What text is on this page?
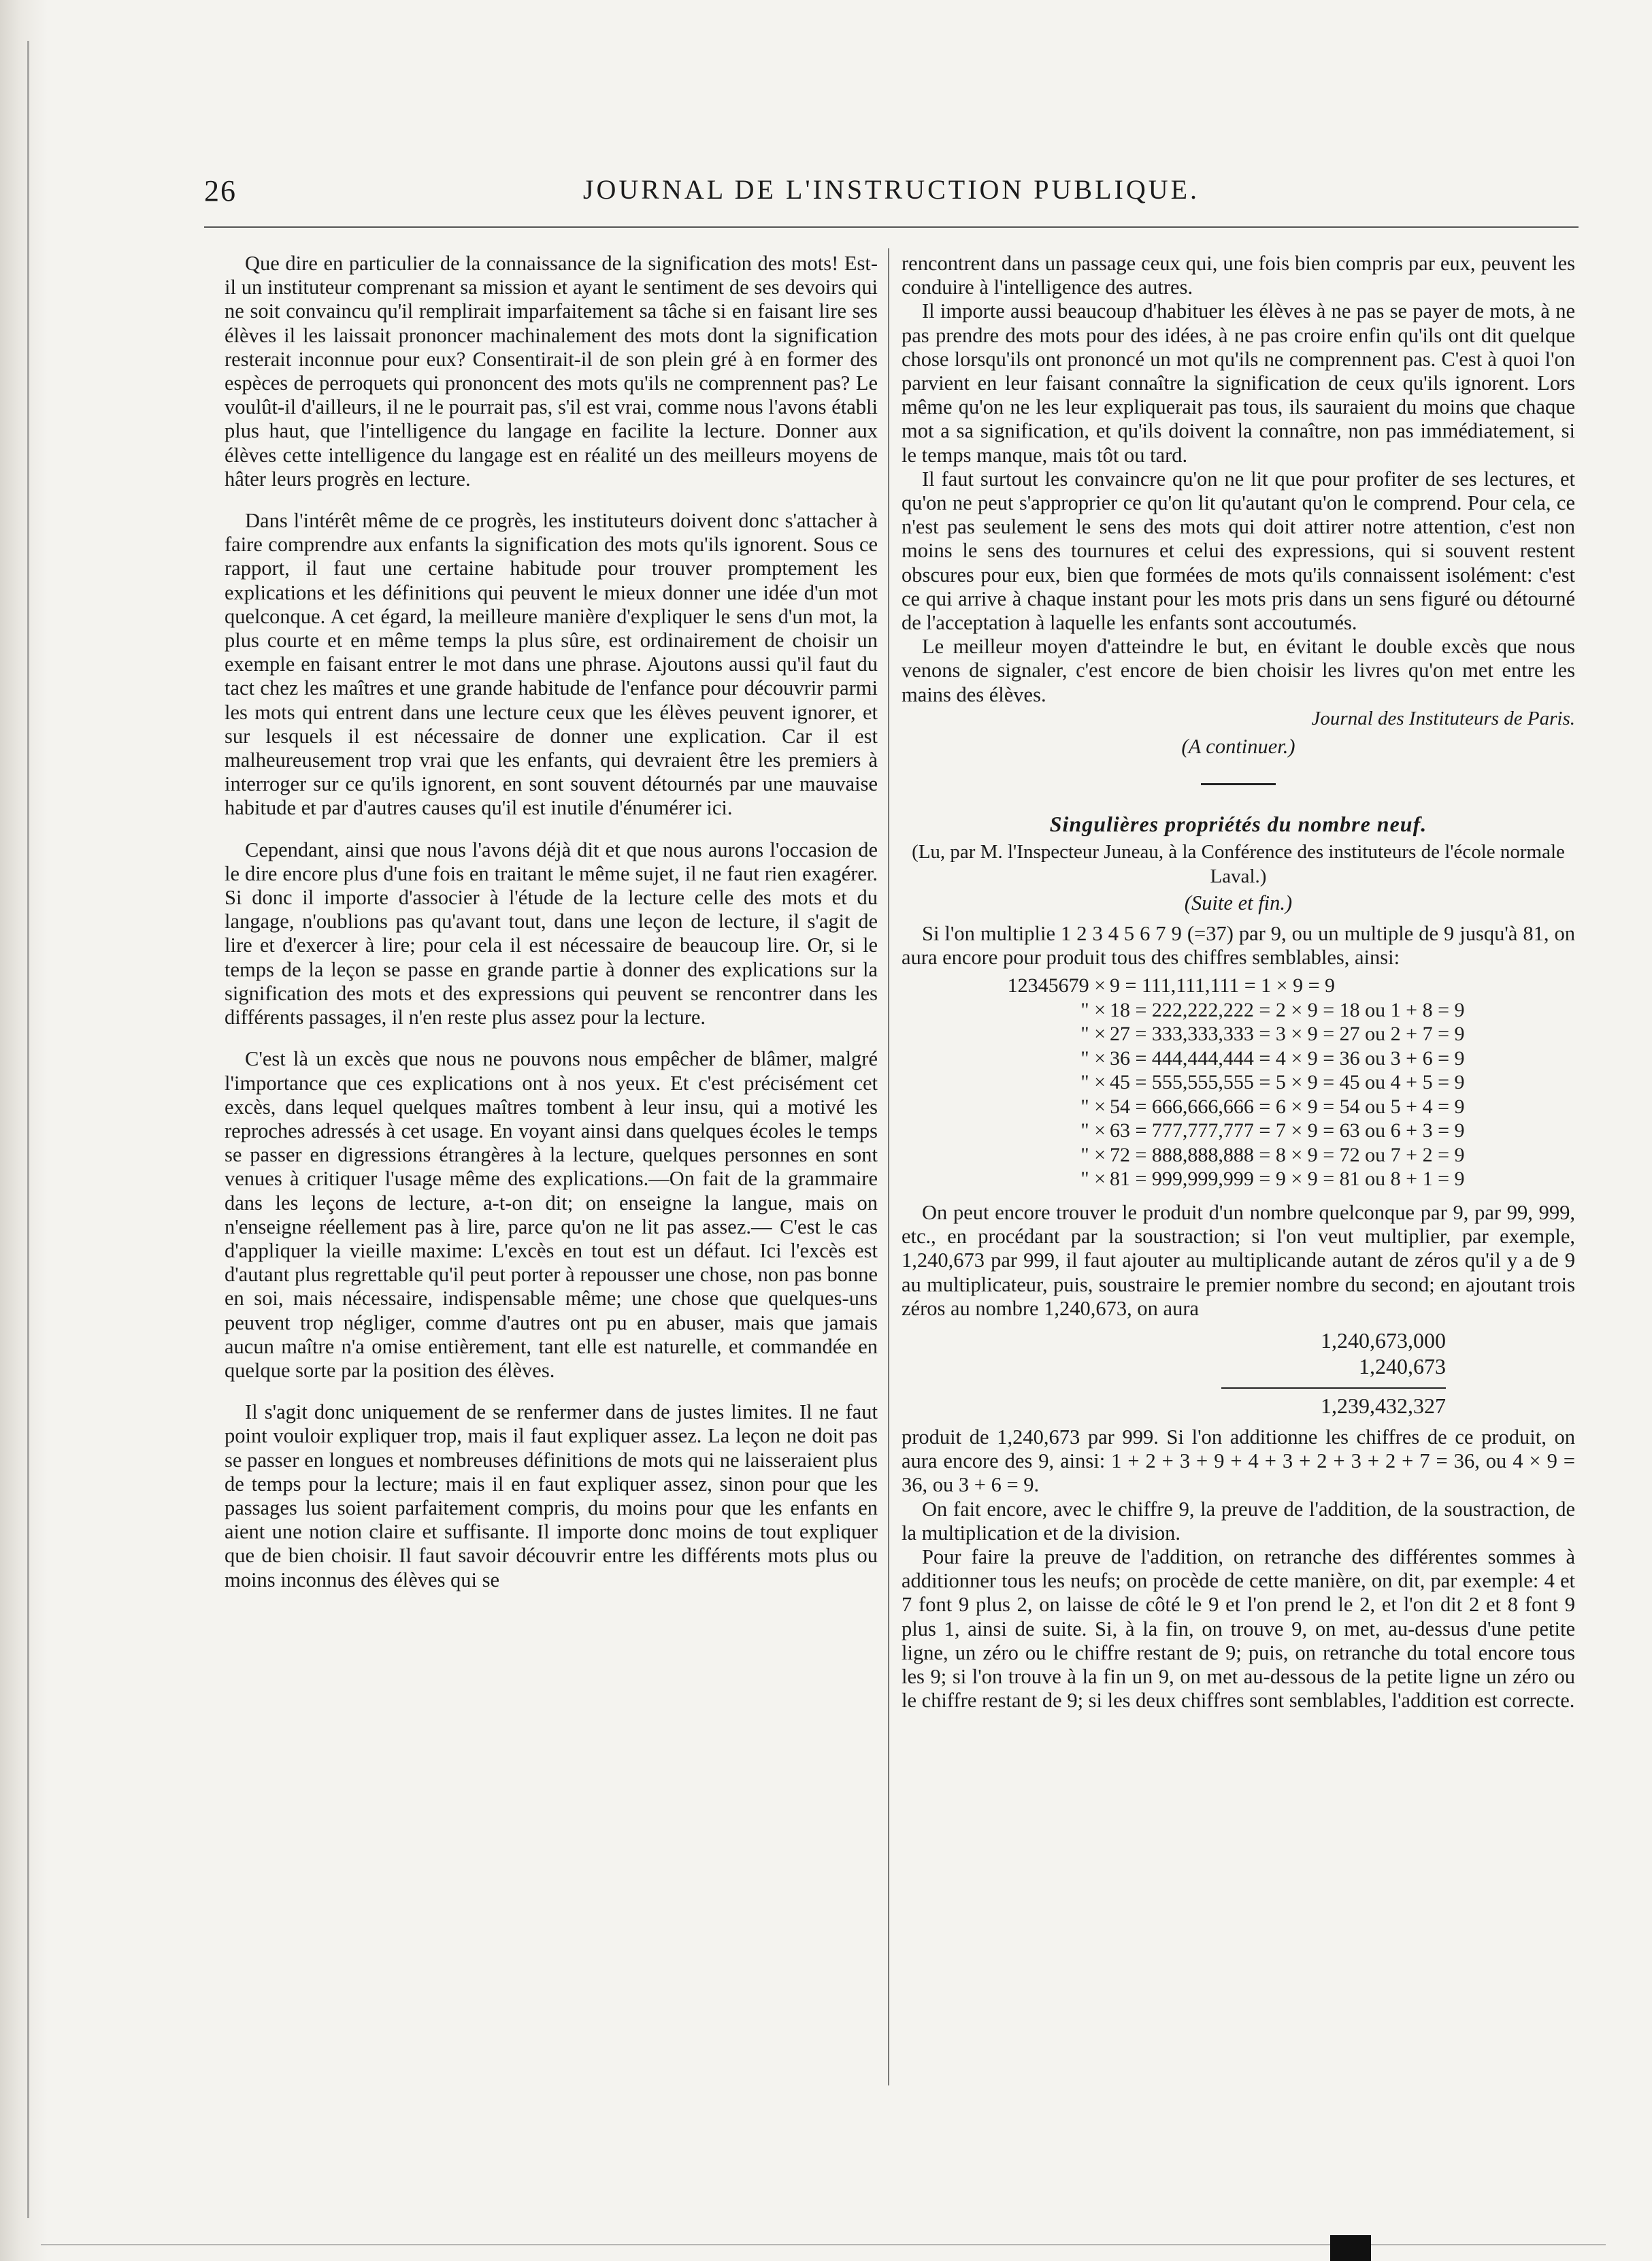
26	JOURNAL DE L'INSTRUCTION PUBLIQUE.

Que dire en particulier de la connaissance de la signification des mots! Est-il un instituteur comprenant sa mission et ayant le sentiment de ses devoirs qui ne soit convaincu qu'il remplirait imparfaitement sa tâche si en faisant lire ses élèves il les laissait prononcer machinalement des mots dont la signification resterait inconnue pour eux? Consentirait-il de son plein gré à en former des espèces de perroquets qui prononcent des mots qu'ils ne comprennent pas? Le voulût-il d'ailleurs, il ne le pourrait pas, s'il est vrai, comme nous l'avons établi plus haut, que l'intelligence du langage en facilite la lecture. Donner aux élèves cette intelligence du langage est en réalité un des meilleurs moyens de hâter leurs progrès en lecture.

Dans l'intérêt même de ce progrès, les instituteurs doivent donc s'attacher à faire comprendre aux enfants la signification des mots qu'ils ignorent. Sous ce rapport, il faut une certaine habitude pour trouver promptement les explications et les définitions qui peuvent le mieux donner une idée d'un mot quelconque. A cet égard, la meilleure manière d'expliquer le sens d'un mot, la plus courte et en même temps la plus sûre, est ordinairement de choisir un exemple en faisant entrer le mot dans une phrase. Ajoutons aussi qu'il faut du tact chez les maîtres et une grande habitude de l'enfance pour découvrir parmi les mots qui entrent dans une lecture ceux que les élèves peuvent ignorer, et sur lesquels il est nécessaire de donner une explication. Car il est malheureusement trop vrai que les enfants, qui devraient être les premiers à interroger sur ce qu'ils ignorent, en sont souvent détournés par une mauvaise habitude et par d'autres causes qu'il est inutile d'énumérer ici.

Cependant, ainsi que nous l'avons déjà dit et que nous aurons l'occasion de le dire encore plus d'une fois en traitant le même sujet, il ne faut rien exagérer. Si donc il importe d'associer à l'étude de la lecture celle des mots et du langage, n'oublions pas qu'avant tout, dans une leçon de lecture, il s'agit de lire et d'exercer à lire; pour cela il est nécessaire de beaucoup lire. Or, si le temps de la leçon se passe en grande partie à donner des explications sur la signification des mots et des expressions qui peuvent se rencontrer dans les différents passages, il n'en reste plus assez pour la lecture.

C'est là un excès que nous ne pouvons nous empêcher de blâmer, malgré l'importance que ces explications ont à nos yeux. Et c'est précisément cet excès, dans lequel quelques maîtres tombent à leur insu, qui a motivé les reproches adressés à cet usage. En voyant ainsi dans quelques écoles le temps se passer en digressions étrangères à la lecture, quelques personnes en sont venues à critiquer l'usage même des explications.—On fait de la grammaire dans les leçons de lecture, a-t-on dit; on enseigne la langue, mais on n'enseigne réellement pas à lire, parce qu'on ne lit pas assez.— C'est le cas d'appliquer la vieille maxime: L'excès en tout est un défaut. Ici l'excès est d'autant plus regrettable qu'il peut porter à repousser une chose, non pas bonne en soi, mais nécessaire, indispensable même; une chose que quelques-uns peuvent trop négliger, comme d'autres ont pu en abuser, mais que jamais aucun maître n'a omise entièrement, tant elle est naturelle, et commandée en quelque sorte par la position des élèves.

Il s'agit donc uniquement de se renfermer dans de justes limites. Il ne faut point vouloir expliquer trop, mais il faut expliquer assez. La leçon ne doit pas se passer en longues et nombreuses définitions de mots qui ne laisseraient plus de temps pour la lecture; mais il en faut expliquer assez, sinon pour que les passages lus soient parfaitement compris, du moins pour que les enfants en aient une notion claire et suffisante. Il importe donc moins de tout expliquer que de bien choisir. Il faut savoir découvrir entre les différents mots plus ou moins inconnus des élèves qui se

rencontrent dans un passage ceux qui, une fois bien compris par eux, peuvent les conduire à l'intelligence des autres.

Il importe aussi beaucoup d'habituer les élèves à ne pas se payer de mots, à ne pas prendre des mots pour des idées, à ne pas croire enfin qu'ils ont dit quelque chose lorsqu'ils ont prononcé un mot qu'ils ne comprennent pas. C'est à quoi l'on parvient en leur faisant connaître la signification de ceux qu'ils ignorent. Lors même qu'on ne les leur expliquerait pas tous, ils sauraient du moins que chaque mot a sa signification, et qu'ils doivent la connaître, non pas immédiatement, si le temps manque, mais tôt ou tard.

Il faut surtout les convaincre qu'on ne lit que pour profiter de ses lectures, et qu'on ne peut s'approprier ce qu'on lit qu'autant qu'on le comprend. Pour cela, ce n'est pas seulement le sens des mots qui doit attirer notre attention, c'est non moins le sens des tournures et celui des expressions, qui si souvent restent obscures pour eux, bien que formées de mots qu'ils connaissent isolément: c'est ce qui arrive à chaque instant pour les mots pris dans un sens figuré ou détourné de l'acceptation à laquelle les enfants sont accoutumés.

Le meilleur moyen d'atteindre le but, en évitant le double excès que nous venons de signaler, c'est encore de bien choisir les livres qu'on met entre les mains des élèves.

Journal des Instituteurs de Paris.
(A continuer.)
Singulières propriétés du nombre neuf.
(Lu, par M. l'Inspecteur Juneau, à la Conférence des instituteurs de l'école normale Laval.)
(Suite et fin.)

Si l'on multiplie 1 2 3 4 5 6 7 9 (=37) par 9, ou un multiple de 9 jusqu'à 81, on aura encore pour produit tous des chiffres semblables, ainsi:

12345679 × 9 = 111,111,111 = 1 × 9 = 9
" × 18 = 222,222,222 = 2 × 9 = 18 ou 1 + 8 = 9
" × 27 = 333,333,333 = 3 × 9 = 27 ou 2 + 7 = 9
" × 36 = 444,444,444 = 4 × 9 = 36 ou 3 + 6 = 9
" × 45 = 555,555,555 = 5 × 9 = 45 ou 4 + 5 = 9
" × 54 = 666,666,666 = 6 × 9 = 54 ou 5 + 4 = 9
" × 63 = 777,777,777 = 7 × 9 = 63 ou 6 + 3 = 9
" × 72 = 888,888,888 = 8 × 9 = 72 ou 7 + 2 = 9
" × 81 = 999,999,999 = 9 × 9 = 81 ou 8 + 1 = 9

On peut encore trouver le produit d'un nombre quelconque par 9, par 99, 999, etc., en procédant par la soustraction; si l'on veut multiplier, par exemple, 1,240,673 par 999, il faut ajouter au multiplicande autant de zéros qu'il y a de 9 au multiplicateur, puis, soustraire le premier nombre du second; en ajoutant trois zéros au nombre 1,240,673, on aura

1,240,673,000
1,240,673
1,239,432,327

produit de 1,240,673 par 999. Si l'on additionne les chiffres de ce produit, on aura encore des 9, ainsi: 1 + 2 + 3 + 9 + 4 + 3 + 2 + 3 + 2 + 7 = 36, ou 4 × 9 = 36, ou 3 + 6 = 9.

On fait encore, avec le chiffre 9, la preuve de l'addition, de la soustraction, de la multiplication et de la division.

Pour faire la preuve de l'addition, on retranche des différentes sommes à additionner tous les neufs; on procède de cette manière, on dit, par exemple: 4 et 7 font 9 plus 2, on laisse de côté le 9 et l'on prend le 2, et l'on dit 2 et 8 font 9 plus 1, ainsi de suite. Si, à la fin, on trouve 9, on met, au-dessus d'une petite ligne, un zéro ou le chiffre restant de 9; puis, on retranche du total encore tous les 9; si l'on trouve à la fin un 9, on met au-dessous de la petite ligne un zéro ou le chiffre restant de 9; si les deux chiffres sont semblables, l'addition est correcte.
